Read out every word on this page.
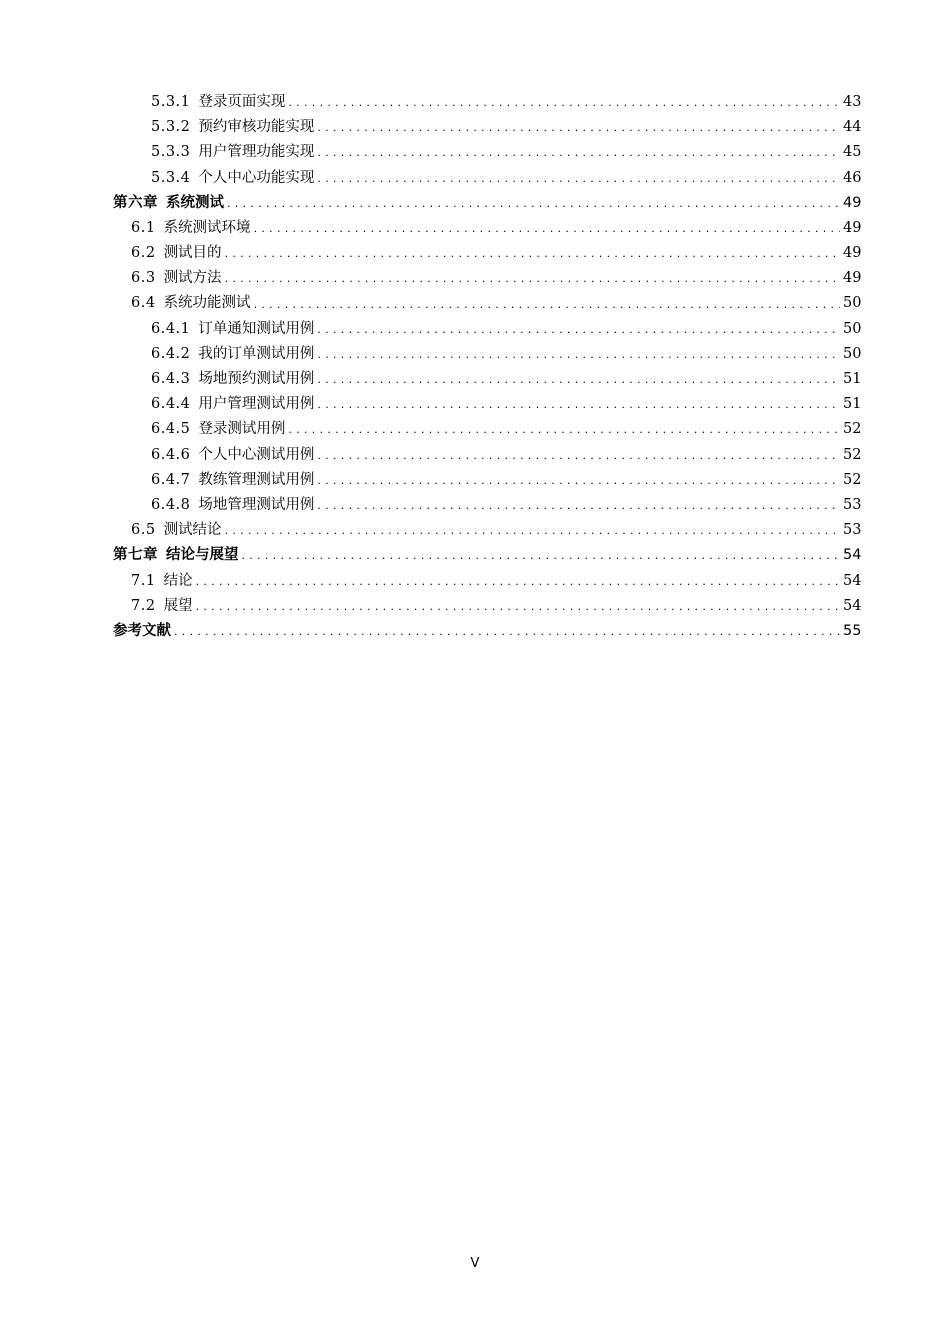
5.3.1 登录页面实现 .....	43
5.3.2 预约审核功能实现 .....	44
5.3.3 用户管理功能实现 .....	45
5.3.4 个人中心功能实现 .....	46
第六章 系统测试 .....	49
6.1 系统测试环境 .....	49
6.2 测试目的 .....	49
6.3 测试方法 .....	49
6.4 系统功能测试 .....	50
6.4.1 订单通知测试用例 .....	50
6.4.2 我的订单测试用例 .....	50
6.4.3 场地预约测试用例 .....	51
6.4.4 用户管理测试用例 .....	51
6.4.5 登录测试用例 .....	52
6.4.6 个人中心测试用例 .....	52
6.4.7 教练管理测试用例 .....	52
6.4.8 场地管理测试用例 .....	53
6.5 测试结论 .....	53
第七章 结论与展望 .....	54
7.1 结论 .....	54
7.2 展望 .....	54
参考文献 .....	55
V
